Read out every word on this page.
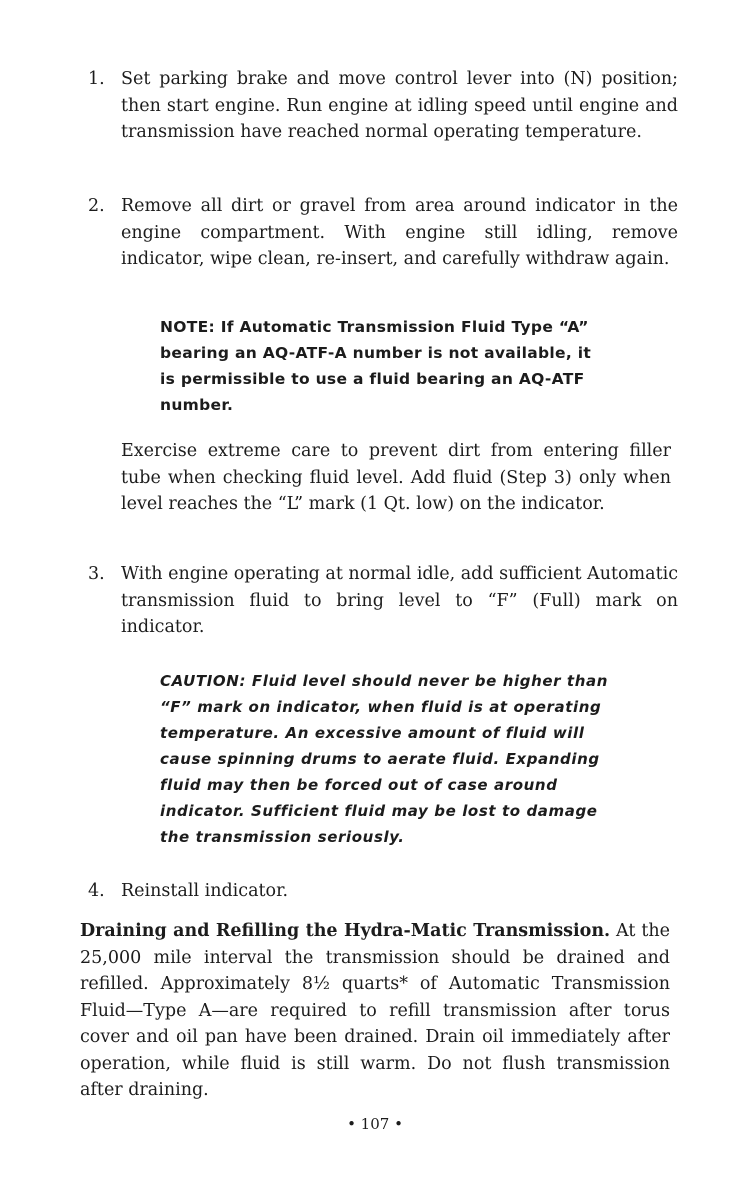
1. Set parking brake and move control lever into (N) position; then start engine. Run engine at idling speed until engine and transmission have reached normal operating temperature.
2. Remove all dirt or gravel from area around indicator in the engine compartment. With engine still idling, remove indicator, wipe clean, re-insert, and carefully withdraw again.
NOTE: If Automatic Transmission Fluid Type “A” bearing an AQ-ATF-A number is not available, it is permissible to use a fluid bearing an AQ-ATF number.
Exercise extreme care to prevent dirt from entering filler tube when checking fluid level. Add fluid (Step 3) only when level reaches the “L” mark (1 Qt. low) on the indicator.
3. With engine operating at normal idle, add sufficient Automatic transmission fluid to bring level to “F” (Full) mark on indicator.
CAUTION: Fluid level should never be higher than “F” mark on indicator, when fluid is at operating temperature. An excessive amount of fluid will cause spinning drums to aerate fluid. Expanding fluid may then be forced out of case around indicator. Sufficient fluid may be lost to damage the transmission seriously.
4. Reinstall indicator.
Draining and Refilling the Hydra-Matic Transmission. At the 25,000 mile interval the transmission should be drained and refilled. Approximately 8½ quarts* of Automatic Transmission Fluid—Type A—are required to refill transmission after torus cover and oil pan have been drained. Drain oil immediately after operation, while fluid is still warm. Do not flush transmission after draining.
• 107 •
